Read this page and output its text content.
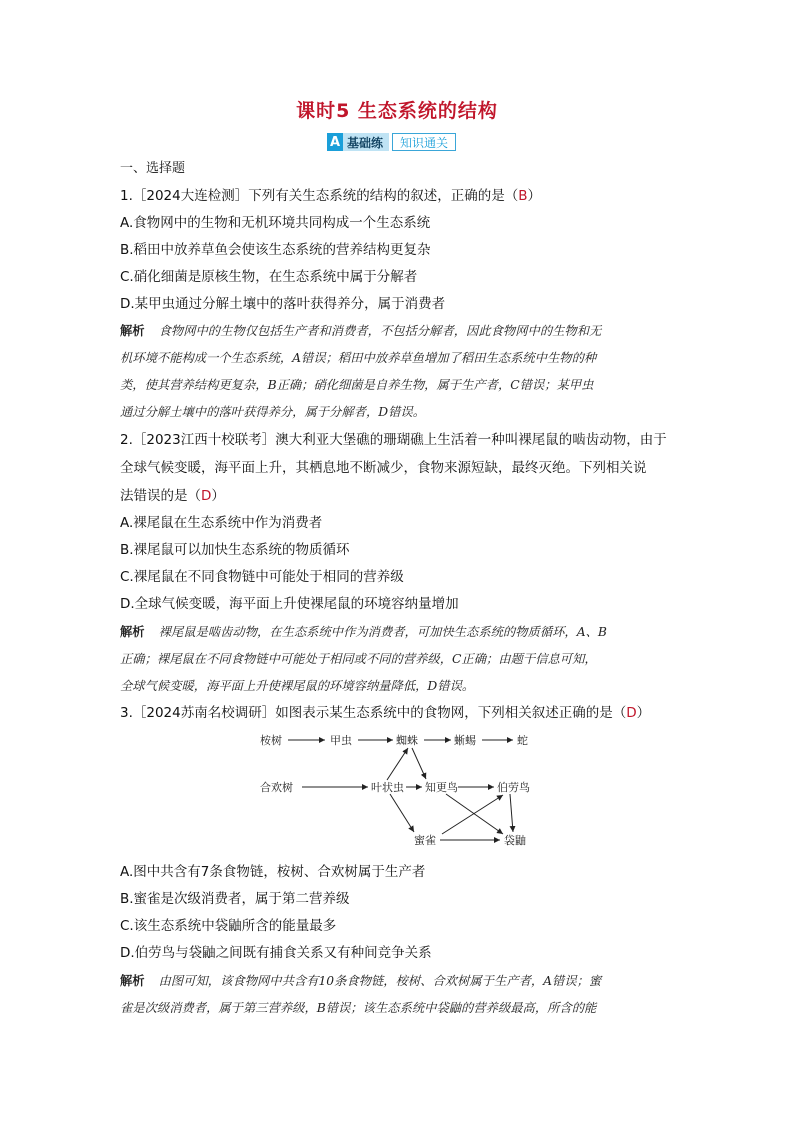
课时5 生态系统的结构
A 基础练	知识通关
一、选择题
1.［2024大连检测］下列有关生态系统的结构的叙述，正确的是（B）
A.食物网中的生物和无机环境共同构成一个生态系统
B.稻田中放养草鱼会使该生态系统的营养结构更复杂
C.硝化细菌是原核生物，在生态系统中属于分解者
D.某甲虫通过分解土壤中的落叶获得养分，属于消费者
解析 食物网中的生物仅包括生产者和消费者，不包括分解者，因此食物网中的生物和无
机环境不能构成一个生态系统，A错误；稻田中放养草鱼增加了稻田生态系统中生物的种
类，使其营养结构更复杂，B正确；硝化细菌是自养生物，属于生产者，C错误；某甲虫
通过分解土壤中的落叶获得养分，属于分解者，D错误。
2.［2023江西十校联考］澳大利亚大堡礁的珊瑚礁上生活着一种叫裸尾鼠的啮齿动物，由于
全球气候变暖，海平面上升，其栖息地不断减少，食物来源短缺，最终灭绝。下列相关说
法错误的是（D）
A.裸尾鼠在生态系统中作为消费者
B.裸尾鼠可以加快生态系统的物质循环
C.裸尾鼠在不同食物链中可能处于相同的营养级
D.全球气候变暖，海平面上升使裸尾鼠的环境容纳量增加
解析 裸尾鼠是啮齿动物，在生态系统中作为消费者，可加快生态系统的物质循环，A、B
正确；裸尾鼠在不同食物链中可能处于相同或不同的营养级，C正确；由题干信息可知，
全球气候变暖，海平面上升使裸尾鼠的环境容纳量降低，D错误。
3.［2024苏南名校调研］如图表示某生态系统中的食物网，下列相关叙述正确的是（D）
桉树	甲虫	蜘蛛	蜥蜴	蛇
合欢树	叶状虫 知更鸟	伯劳鸟
蜜雀	袋鼬
A.图中共含有7条食物链，桉树、合欢树属于生产者
B.蜜雀是次级消费者，属于第二营养级
C.该生态系统中袋鼬所含的能量最多
D.伯劳鸟与袋鼬之间既有捕食关系又有种间竞争关系
解析 由图可知，该食物网中共含有10条食物链，桉树、合欢树属于生产者，A错误；蜜
雀是次级消费者，属于第三营养级，B错误；该生态系统中袋鼬的营养级最高，所含的能
